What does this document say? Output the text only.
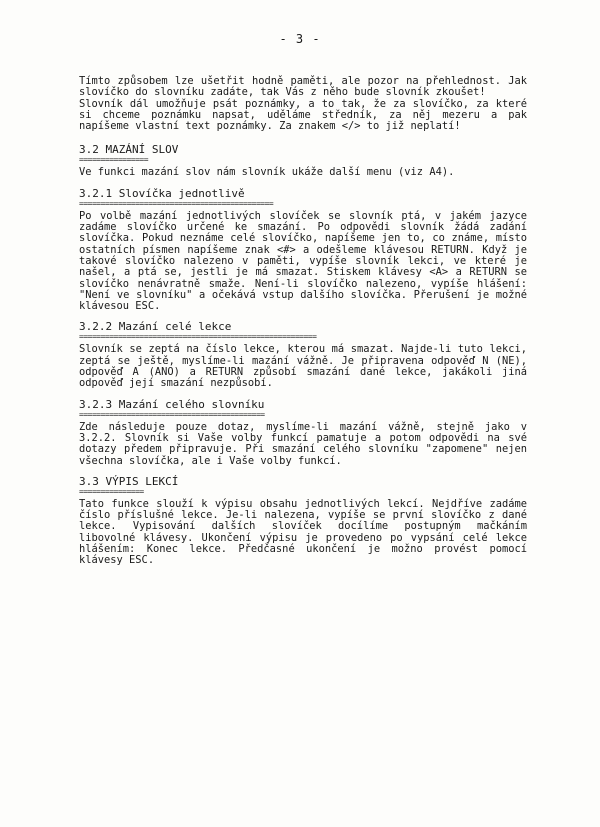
- 3 -

Tímto způsobem lze ušetřit hodně paměti, ale pozor na přehlednost. Jak slovíčko do slovníku zadáte, tak Vás z něho bude slovník zkoušet!

Slovník dál umožňuje psát poznámky, a to tak, že za slovíčko, za které si chceme poznámku napsat, uděláme středník, za něj mezeru a pak napíšeme vlastní text poznámky. Za znakem </> to již neplatí!

3.2 MAZÁNÍ SLOV

================

Ve funkci mazání slov nám slovník ukáže další menu (viz A4).

3.2.1 Slovíčka jednotlivě

=============================================

Po volbě mazání jednotlivých slovíček se slovník ptá, v jakém jazyce zadáme slovíčko určené ke smazání. Po odpovědi slovník žádá zadání slovíčka. Pokud neznáme celé slovíčko, napíšeme jen to, co známe, místo ostatních písmen napíšeme znak <#> a odešleme klávesou RETURN. Když je takové slovíčko nalezeno v paměti, vypíše slovník lekci, ve které je našel, a ptá se, jestli je má smazat. Stiskem klávesy <A> a RETURN se slovíčko nenávratně smaže. Není-li slovíčko nalezeno, vypíše hlášení: "Není ve slovníku" a očekává vstup dalšího slovíčka. Přerušení je možné klávesou ESC.

3.2.2 Mazání celé lekce

=======================================================

Slovník se zeptá na číslo lekce, kterou má smazat. Najde-li tuto lekci, zeptá se ještě, myslíme-li mazání vážně. Je připravena odpověď N (NE), odpověď A (ANO) a RETURN způsobí smazání dané lekce, jakákoli jiná odpověď její smazání nezpůsobí.

3.2.3 Mazání celého slovníku

===========================================

Zde následuje pouze dotaz, myslíme-li mazání vážně, stejně jako v 3.2.2. Slovník si Vaše volby funkcí pamatuje a potom odpovědi na své dotazy předem připravuje. Při smazání celého slovníku "zapomene" nejen všechna slovíčka, ale i Vaše volby funkcí.

3.3 VÝPIS LEKCÍ

===============

Tato funkce slouží k výpisu obsahu jednotlivých lekcí. Nejdříve zadáme číslo příslušné lekce. Je-li nalezena, vypíše se první slovíčko z dané lekce. Vypisování dalších slovíček docílíme postupným mačkáním libovolné klávesy. Ukončení výpisu je provedeno po vypsání celé lekce hlášením: Konec lekce. Předčasné ukončení je možno provést pomocí klávesy ESC.
